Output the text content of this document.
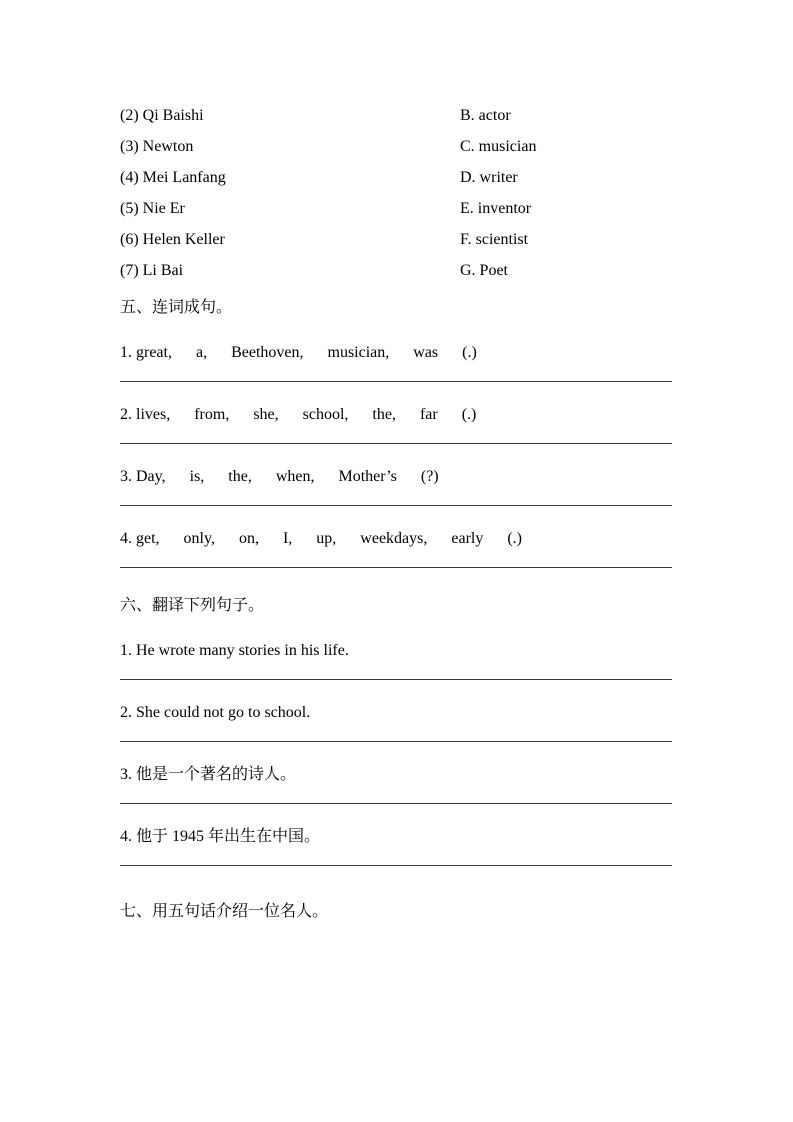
(2) Qi Baishi	B. actor
(3) Newton	C. musician
(4) Mei Lanfang	D. writer
(5) Nie Er	E. inventor
(6) Helen Keller	F. scientist
(7) Li Bai	G. Poet
五、连词成句。

1. great,      a,      Beethoven,      musician,      was      (.)

2. lives,      from,      she,      school,      the,      far      (.)

3. Day,      is,      the,      when,      Mother’s      (?)

4. get,      only,      on,      I,      up,      weekdays,      early      (.)

六、翻译下列句子。

1. He wrote many stories in his life.

2. She could not go to school.

3. 他是一个著名的诗人。

4. 他于 1945 年出生在中国。

七、用五句话介绍一位名人。
